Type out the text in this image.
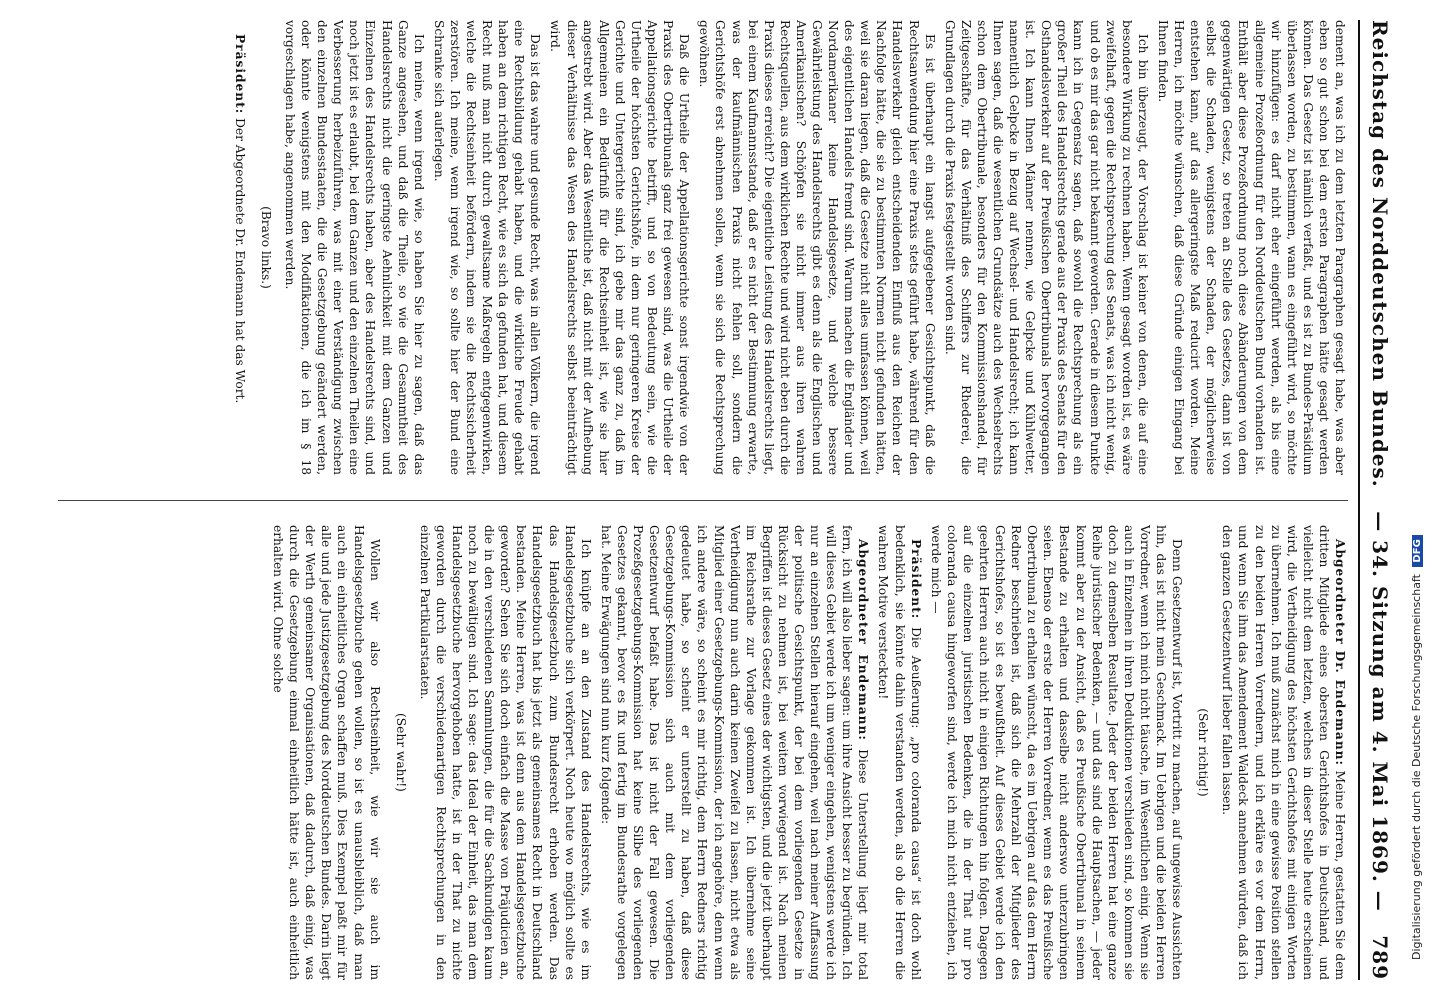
Reichstag des Norddeutschen Bundes.
— 34. Sitzung am 4. Mai 1869. —
789

dement an, was ich zu dem letzten Paragraphen gesagt habe, was aber eben so gut schon bei dem ersten Paragraphen hätte gesagt werden können. Das Gesetz ist nämlich verfaßt, und es ist zu Bundes-Präsidium überlassen worden, zu bestimmen, wann es eingeführt wird, so möchte wir hinzufügen: es darf nicht eher eingeführt werden, als bis eine allgemeine Prozeßordnung für den Norddeutschen Bund vorhanden ist. Enthält aber diese Prozeßordnung noch diese Abänderungen von dem gegenwärtigen Gesetz, so treten an Stelle des Gesetzes, dann ist von selbst die Schaden, wenigstens der Schaden, der möglicherweise entstehen kann, auf das allergeringste Maß reducirt worden. Meine Herren, ich möchte wünschen, daß diese Gründe einigen Eingang bei Ihnen finden.

Ich bin überzeugt, der Vorschlag ist keiner von denen, die auf eine besondere Wirkung zu rechnen haben. Wenn gesagt worden ist, es wäre zweifelhaft, gegen die Rechtsprechung des Senats, was ich nicht wenig, und ob es mir das gar nicht bekannt geworden. Gerade in diesem Punkte kann ich in Gegensatz sagen, daß sowohl die Rechtsprechung als ein großer Theil des Handelsrechts gerade aus der Praxis des Senats für den Osthandelsverkehr auf der Preußischen Obertribunals hervorgegangen ist. Ich kann Ihnen Männer nennen, wie Gelpcke und Kühlwetter, namentlich Gelpcke in Bezug auf Wechsel- und Handelsrecht; ich kann Ihnen sagen, daß die wesentlichen Grundsätze auch des Wechselrechts schon dem Obertribunale, besonders für den Kommissionshandel, für Zeitgeschäfte, für das Verhältniß des Schiffers zur Rhederei, die Grundlagen durch die Praxis festgestellt worden sind.

Es ist überhaupt ein langst aufgegebener Gesichtspunkt, daß die Rechtsanwendung hier eine Praxis stets geführt habe, während für den Handelsverkehr gleich entscheidenden Einfluß aus den Reichen der Nachfolge hätte, die sie zu bestimmten Normen nicht gefunden hätten, weil sie daran liegen, daß die Gesetze nicht alles umfassen können, weil des eigentlichen Handels fremd sind. Warum machen die Engländer und Nordamerikaner keine Handelsgesetze, und welche bessere Gewährleistung des Handelsrechts gibt es denn als die Englischen und Amerikanischen? Schöpfen sie nicht immer aus ihren wahren Rechtsquellen, aus dem wirklichen Rechte und wird nicht eben durch die Praxis dieses erreicht? Die eigentliche Leistung des Handelsrechts liegt, bei einem Kaufmannsstande, daß er es nicht der Bestimmung erwarte, was der kaufmännischen Praxis nicht fehlen soll, sondern die Gerichtshöfe erst abnehmen sollen, wenn sie sich die Rechtsprechung gewöhnen.

Daß die Urtheile der Appellationsgerichte sonst irgendwie von der Praxis des Obertribunals ganz frei gewesen sind, was die Urtheile der Appellationsgerichte betrifft, und so von Bedeutung sein, wie die Urtheile der höchsten Gerichtshöfe, in dem nur geringeren Kreise der Gerichte und Untergerichte sind, ich gebe mir das ganz zu, daß im Allgemeinen ein Bedürfniß für die Rechtseinheit ist, wie sie hier angestrebt wird. Aber das Wesentliche ist, daß nicht mit der Aufhebung dieser Verhältnisse das Wesen des Handelsrechts selbst beeinträchtigt wird.

Das ist das wahre und gesunde Recht, was in allen Völkern, die irgend eine Rechtsbildung gehabt haben, und die wirkliche Freude gehabt haben an dem richtigen Recht, wie es sich da gefunden hat, und diesem Recht muß man nicht durch gewaltsame Maßregeln entgegenwirken, welche die Rechtseinheit befördern, indem sie die Rechtssicherheit zerstören. Ich meine, wenn irgend wie, so sollte hier der Bund eine Schranke sich auferlegen.

Ich meine, wenn irgend wie, so haben Sie hier zu sagen, daß das Ganze angesehen, und daß die Theile, so wie die Gesammtheit des Handelsrechts nicht die geringste Aehnlichkeit mit dem Ganzen und Einzelnen des Handelsrechts haben, aber des Handelsrechts sind, und noch jetzt ist es erlaubt, bei dem Ganzen und den einzelnen Theilen eine Verbesserung herbeizuführen, was mit einer Verständigung zwischen den einzelnen Bundesstaaten, die die Gesetzgebung geändert werden, oder könnte wenigstens mit den Modifikationen, die ich im § 18 vorgeschlagen habe, angenommen werden.

(Bravo links.)

Präsident: Der Abgeordnete Dr. Endemann hat das Wort.

Abgeordneter Dr. Endemann: Meine Herren, gestatten Sie dem dritten Mitgliede eines obersten Gerichtshofes in Deutschland, und vielleicht nicht dem letzten, welches in dieser Stelle heute erscheinen wird, die Vertheidigung des höchsten Gerichtshofes mit einigen Worten zu übernehmen. Ich muß zunächst mich in eine gewisse Position stellen zu den beiden Herren Vorrednern, und ich erkläre es vor dem Herrn, und wenn Sie ihm das Amendement Waldeck annehmen würden, daß ich den ganzen Gesetzentwurf lieber fallen lassen.

(Sehr richtig!)

Denn Gesetzentwurf ist, Vortritt zu machen, auf ungewisse Aussichten hin, das ist nicht mein Geschmack. Im Uebrigen und die beiden Herren Vorredner, wenn ich mich nicht täusche, im Wesentlichen einig. Wenn sie auch in Einzelnen in ihren Deduktionen verschieden sind, so kommen sie doch zu demselben Resultate. Jeder der beiden Herren hat eine ganze Reihe juristischer Bedenken, — und das sind die Hauptsachen, — jeder kommt aber zu der Ansicht, daß es Preußische Obertribunal in seinem Bestande zu erhalten und dasselbe nicht anderswo unterzubringen seien. Ebenso der erste der Herren Vorredner, wenn es das Preußische Obertribunal zu erhalten wünscht, da es im Uebrigen auf das dem Herrn Redner beschrieben ist, daß sich die Mehrzahl der Mitglieder des Gerichtshofes, so ist es bewußtheit. Auf dieses Gebiet werde ich den geehrten Herren auch nicht in einigen Richtungen hin folgen. Dagegen auf die einzelnen juristischen Bedenken, die in der That nur pro coloranda causa hingeworfen sind, werde ich mich nicht entziehen, ich werde mich —

Präsident: Die Aeußerung: „pro coloranda causa“ ist doch wohl bedenklich, sie könnte dahin verstanden werden, als ob die Herren die wahren Motive versteckten!

Abgeordneter Endemann: Diese Unterstellung liegt mir total fern, ich will also lieber sagen: um ihre Ansicht besser zu begründen. Ich will dieses Gebiet werde ich um weniger eingehen, wenigstens werde ich nur an einzelnen Stellen hierauf eingehen, weil nach meiner Auffassung der politische Gesichtspunkt, der bei dem vorliegenden Gesetze in Rücksicht zu nehmen ist, bei weitem vorwiegend ist. Nach meinen Begriffen ist dieses Gesetz eines der wichtigsten, und die jetzt überhaupt im Reichsrathe zur Vorlage gekommen ist. Ich übernehme seine Vertheidigung nun auch darin keinen Zweifel zu lassen, nicht etwa als Mitglied einer Gesetzgebungs-Kommission, der ich angehöre, denn wenn ich andere wäre, so scheint es mir richtig, dem Herrn Redners richtig gedeutet habe, so scheint er unterstellt zu haben, daß diese Gesetzgebungs-Kommission sich auch mit dem vorliegenden Gesetzentwurf befaßt habe. Das ist nicht der Fall gewesen. Die Prozeßgesetzgebungs-Kommission hat keine Silbe des vorliegenden Gesetzes gekannt, bevor es fix und fertig im Bundesrathe vorgelegen hat. Meine Erwägungen sind nun kurz folgende:

Ich knüpfe an an den Zustand des Handelsrechts, wie es im Handelsgesetzbuche sich verkörpert. Noch heute wo möglich sollte es das Handelsgesetzbuch zum Bundesrecht erhoben werden. Das Handelsgesetzbuch hat bis jetzt als gemeinsames Recht in Deutschland bestanden. Meine Herren, was ist denn aus dem Handelsgesetzbuche geworden? Sehen Sie sich doch einfach die Masse von Präjudicien an, die in den verschiedenen Sammlungen, die für die Sachkundigen kaum noch zu bewältigen sind. Ich sage: das Ideal der Einheit, das man dem Handelsgesetzbuche hervorgehoben hatte, ist in der That zu nichte geworden durch die verschiedenartigen Rechtsprechungen in den einzelnen Partikularstaaten.

(Sehr wahr!)

Wollen wir also Rechtseinheit, wie wir sie auch im Handelsgesetzbuche gehen wollen, so ist es unausbleiblich, daß man auch ein einheitliches Organ schaffen muß. Dies Exempel paßt mir für alle und jede Justizgesetzgebung des Norddeutschen Bundes. Darin liegt der Werth gemeinsamer Organisationen, daß dadurch, daß einig, was durch die Gesetzgebung einmal einheitlich hätte ist, auch einheitlich erhalten wird. Ohne solche	Digitalisierung gefördert durch die Deutsche Forschungsgemeinschaft DFG
